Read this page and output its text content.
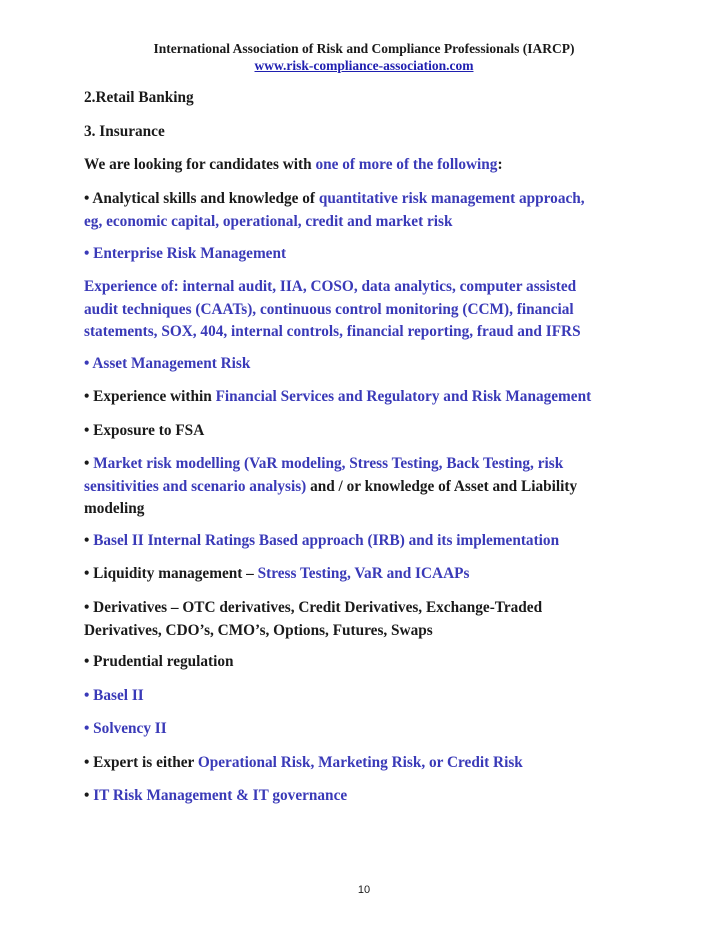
International Association of Risk and Compliance Professionals (IARCP)
www.risk-compliance-association.com
2.Retail Banking
3. Insurance
We are looking for candidates with one of more of the following:
• Analytical skills and knowledge of quantitative risk management approach,
eg, economic capital, operational, credit and market risk
• Enterprise Risk Management
Experience of: internal audit, IIA, COSO, data analytics, computer assisted
audit techniques (CAATs), continuous control monitoring (CCM), financial
statements, SOX, 404, internal controls, financial reporting, fraud and IFRS
• Asset Management Risk
• Experience within Financial Services and Regulatory and Risk Management
• Exposure to FSA
• Market risk modelling (VaR modeling, Stress Testing, Back Testing, risk
sensitivities and scenario analysis) and / or knowledge of Asset and Liability
modeling
• Basel II Internal Ratings Based approach (IRB) and its implementation
• Liquidity management – Stress Testing, VaR and ICAAPs
• Derivatives – OTC derivatives, Credit Derivatives, Exchange-Traded
Derivatives, CDO’s, CMO’s, Options, Futures, Swaps
• Prudential regulation
• Basel II
• Solvency II
• Expert is either Operational Risk, Marketing Risk, or Credit Risk
• IT Risk Management & IT governance
10
